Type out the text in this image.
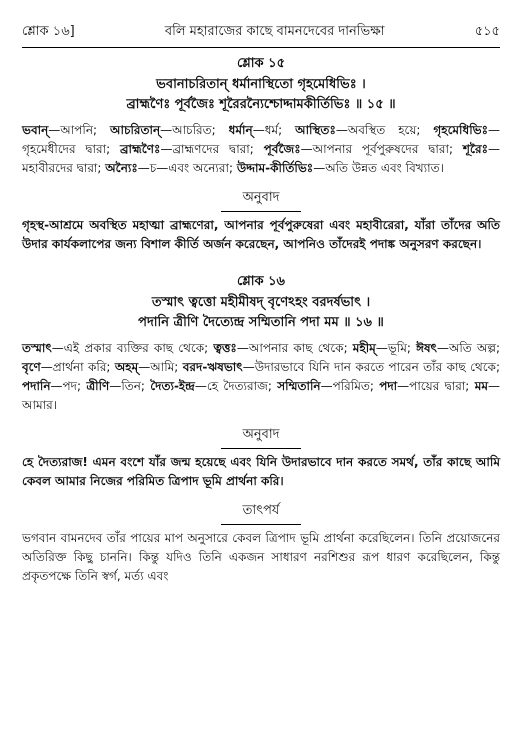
শ্লোক ১৬]	বলি মহারাজের কাছে বামনদেবের দানভিক্ষা	৫১৫
শ্লোক ১৫
ভবানাচরিতান্ ধর্মানাস্থিতো গৃহমেধিভিঃ ।
ব্রাহ্মণৈঃ পূর্বজৈঃ শূরৈরন্যৈশ্চোদ্দামকীর্তিভিঃ ॥ ১৫ ॥

ভবান্—আপনি; আচরিতান্—আচরিত; ধর্মান্—ধর্ম; আস্থিতঃ—অবস্থিত হয়ে; গৃহমেধিভিঃ—গৃহমেধীদের দ্বারা; ব্রাহ্মণৈঃ—ব্রাহ্মণদের দ্বারা; পূর্বজৈঃ—আপনার পূর্বপুরুষদের দ্বারা; শূরৈঃ—মহাবীরদের দ্বারা; অন্যৈঃ—চ—এবং অন্যেরা; উদ্দাম-কীর্তিভিঃ—অতি উন্নত এবং বিখ্যাত।

অনুবাদ
গৃহস্থ-আশ্রমে অবস্থিত মহাত্মা ব্রাহ্মণেরা, আপনার পূর্বপুরুষেরা এবং মহাবীরেরা, যাঁরা তাঁদের অতি উদার কার্যকলাপের জন্য বিশাল কীর্তি অর্জন করেছেন, আপনিও তাঁদেরই পদাঙ্ক অনুসরণ করছেন।
শ্লোক ১৬
তস্মাৎ ত্বত্তো মহীমীষদ্ বৃণেঽহং বরদর্ষভাৎ ।
পদানি ত্রীণি দৈত্যেন্দ্র সম্মিতানি পদা মম ॥ ১৬ ॥

তস্মাৎ—এই প্রকার ব্যক্তির কাছ থেকে; ত্বত্তঃ—আপনার কাছ থেকে; মহীম্—ভূমি; ঈষৎ—অতি অল্প; বৃণে—প্রার্থনা করি; অহম্—আমি; বরদ-ঋষভাৎ—উদারভাবে যিনি দান করতে পারেন তাঁর কাছ থেকে; পদানি—পদ; ত্রীণি—তিন; দৈত্য-ইন্দ্র—হে দৈত্যরাজ; সম্মিতানি—পরিমিত; পদা—পায়ের দ্বারা; মম—আমার।

অনুবাদ
হে দৈত্যরাজ! এমন বংশে যাঁর জন্ম হয়েছে এবং যিনি উদারভাবে দান করতে সমর্থ, তাঁর কাছে আমি কেবল আমার নিজের পরিমিত ত্রিপাদ ভূমি প্রার্থনা করি।
তাৎপর্য

ভগবান বামনদেব তাঁর পায়ের মাপ অনুসারে কেবল ত্রিপাদ ভূমি প্রার্থনা করেছিলেন। তিনি প্রয়োজনের অতিরিক্ত কিছু চাননি। কিন্তু যদিও তিনি একজন সাধারণ নরশিশুর রূপ ধারণ করেছিলেন, কিন্তু প্রকৃতপক্ষে তিনি স্বর্গ, মর্ত্য এবং
